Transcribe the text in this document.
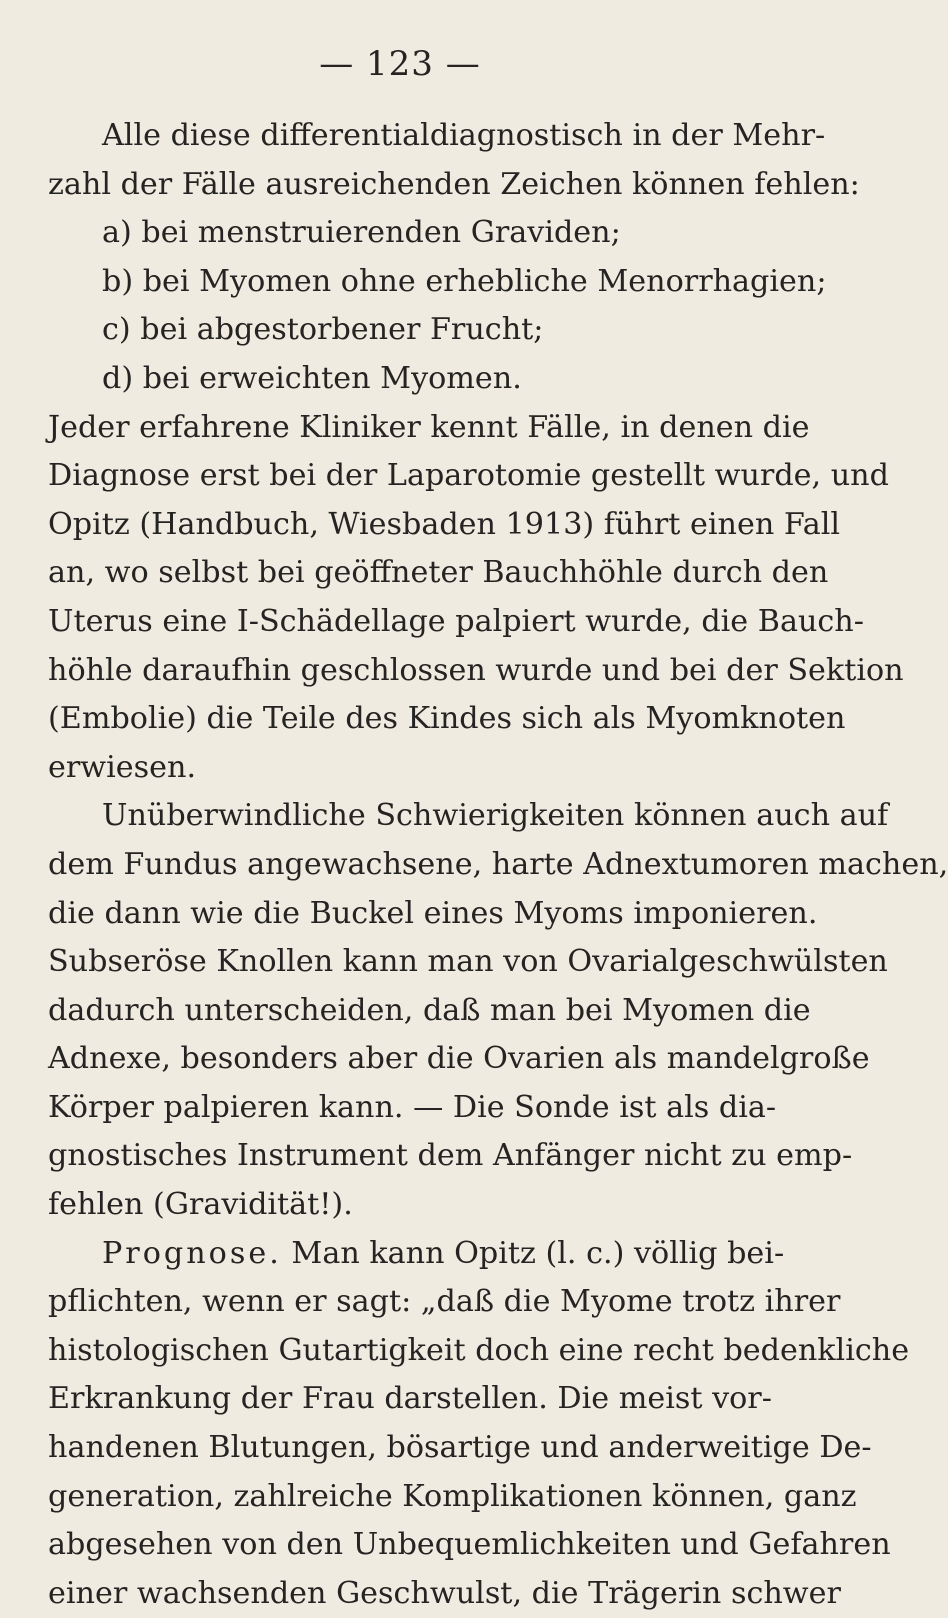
— 123 —
Alle diese differentialdiagnostisch in der Mehr-
zahl der Fälle ausreichenden Zeichen können fehlen:
a) bei menstruierenden Graviden;
b) bei Myomen ohne erhebliche Menorrhagien;
c) bei abgestorbener Frucht;
d) bei erweichten Myomen.
Jeder erfahrene Kliniker kennt Fälle, in denen die
Diagnose erst bei der Laparotomie gestellt wurde, und
Opitz (Handbuch, Wiesbaden 1913) führt einen Fall
an, wo selbst bei geöffneter Bauchhöhle durch den
Uterus eine I-Schädellage palpiert wurde, die Bauch-
höhle daraufhin geschlossen wurde und bei der Sektion
(Embolie) die Teile des Kindes sich als Myomknoten
erwiesen.
Unüberwindliche Schwierigkeiten können auch auf
dem Fundus angewachsene, harte Adnextumoren machen,
die dann wie die Buckel eines Myoms imponieren.
Subseröse Knollen kann man von Ovarialgeschwülsten
dadurch unterscheiden, daß man bei Myomen die
Adnexe, besonders aber die Ovarien als mandelgroße
Körper palpieren kann. — Die Sonde ist als dia-
gnostisches Instrument dem Anfänger nicht zu emp-
fehlen (Gravidität!).
Prognose. Man kann Opitz (l. c.) völlig bei-
pflichten, wenn er sagt: „daß die Myome trotz ihrer
histologischen Gutartigkeit doch eine recht bedenkliche
Erkrankung der Frau darstellen. Die meist vor-
handenen Blutungen, bösartige und anderweitige De-
generation, zahlreiche Komplikationen können, ganz
abgesehen von den Unbequemlichkeiten und Gefahren
einer wachsenden Geschwulst, die Trägerin schwer
